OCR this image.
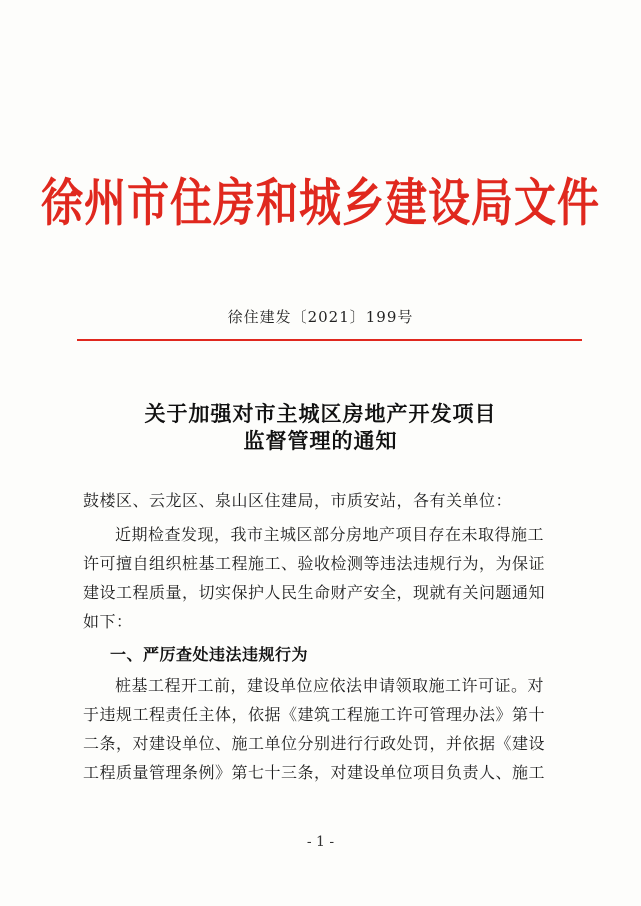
徐州市住房和城乡建设局文件
徐住建发〔2021〕199号
关于加强对市主城区房地产开发项目
监督管理的通知
鼓楼区、云龙区、泉山区住建局，市质安站，各有关单位：
近期检查发现，我市主城区部分房地产项目存在未取得施工
许可擅自组织桩基工程施工、验收检测等违法违规行为，为保证
建设工程质量，切实保护人民生命财产安全，现就有关问题通知
如下：
一、严厉查处违法违规行为
桩基工程开工前，建设单位应依法申请领取施工许可证。对
于违规工程责任主体，依据《建筑工程施工许可管理办法》第十
二条，对建设单位、施工单位分别进行行政处罚，并依据《建设
工程质量管理条例》第七十三条，对建设单位项目负责人、施工
- 1 -
